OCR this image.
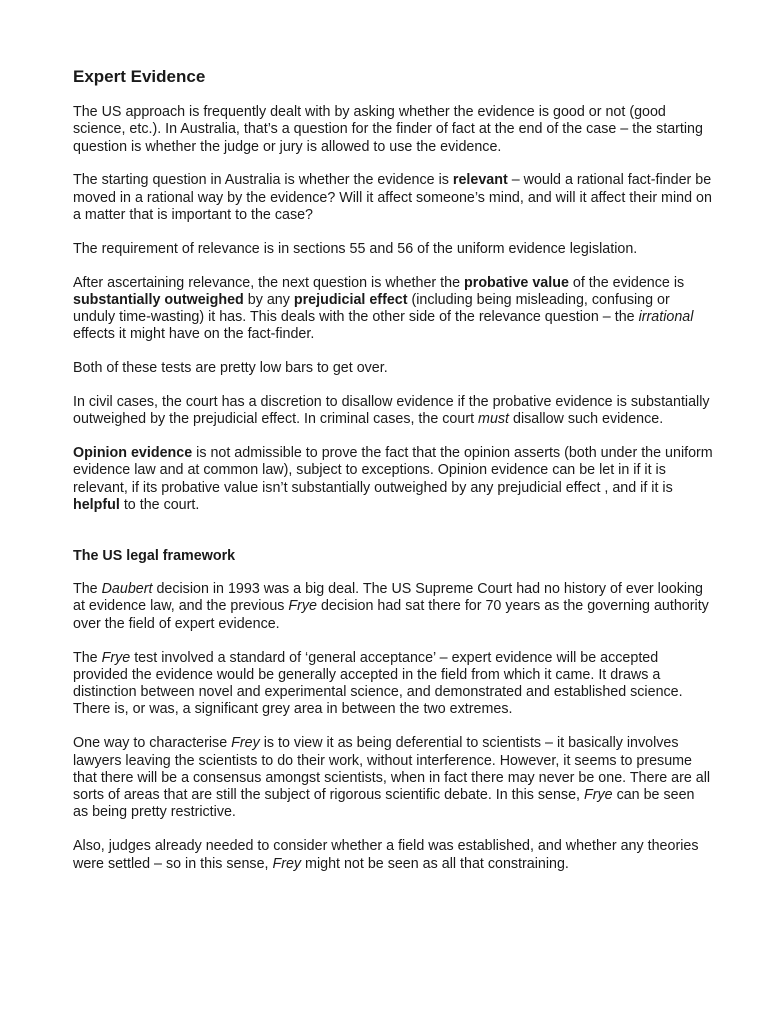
Expert Evidence

The US approach is frequently dealt with by asking whether the evidence is good or not (good science, etc.). In Australia, that’s a question for the finder of fact at the end of the case – the starting question is whether the judge or jury is allowed to use the evidence.

The starting question in Australia is whether the evidence is relevant – would a rational fact-finder be moved in a rational way by the evidence? Will it affect someone’s mind, and will it affect their mind on a matter that is important to the case?

The requirement of relevance is in sections 55 and 56 of the uniform evidence legislation.

After ascertaining relevance, the next question is whether the probative value of the evidence is substantially outweighed by any prejudicial effect (including being misleading, confusing or unduly time-wasting) it has. This deals with the other side of the relevance question – the irrational effects it might have on the fact-finder.

Both of these tests are pretty low bars to get over.

In civil cases, the court has a discretion to disallow evidence if the probative evidence is substantially outweighed by the prejudicial effect. In criminal cases, the court must disallow such evidence.

Opinion evidence is not admissible to prove the fact that the opinion asserts (both under the uniform evidence law and at common law), subject to exceptions. Opinion evidence can be let in if it is relevant, if its probative value isn’t substantially outweighed by any prejudicial effect , and if it is helpful to the court.

The US legal framework

The Daubert decision in 1993 was a big deal. The US Supreme Court had no history of ever looking at evidence law, and the previous Frye decision had sat there for 70 years as the governing authority over the field of expert evidence.

The Frye test involved a standard of ‘general acceptance’ – expert evidence will be accepted provided the evidence would be generally accepted in the field from which it came. It draws a distinction between novel and experimental science, and demonstrated and established science. There is, or was, a significant grey area in between the two extremes.

One way to characterise Frey is to view it as being deferential to scientists – it basically involves lawyers leaving the scientists to do their work, without interference. However, it seems to presume that there will be a consensus amongst scientists, when in fact there may never be one. There are all sorts of areas that are still the subject of rigorous scientific debate. In this sense, Frye can be seen as being pretty restrictive.

Also, judges already needed to consider whether a field was established, and whether any theories were settled – so in this sense, Frey might not be seen as all that constraining.
